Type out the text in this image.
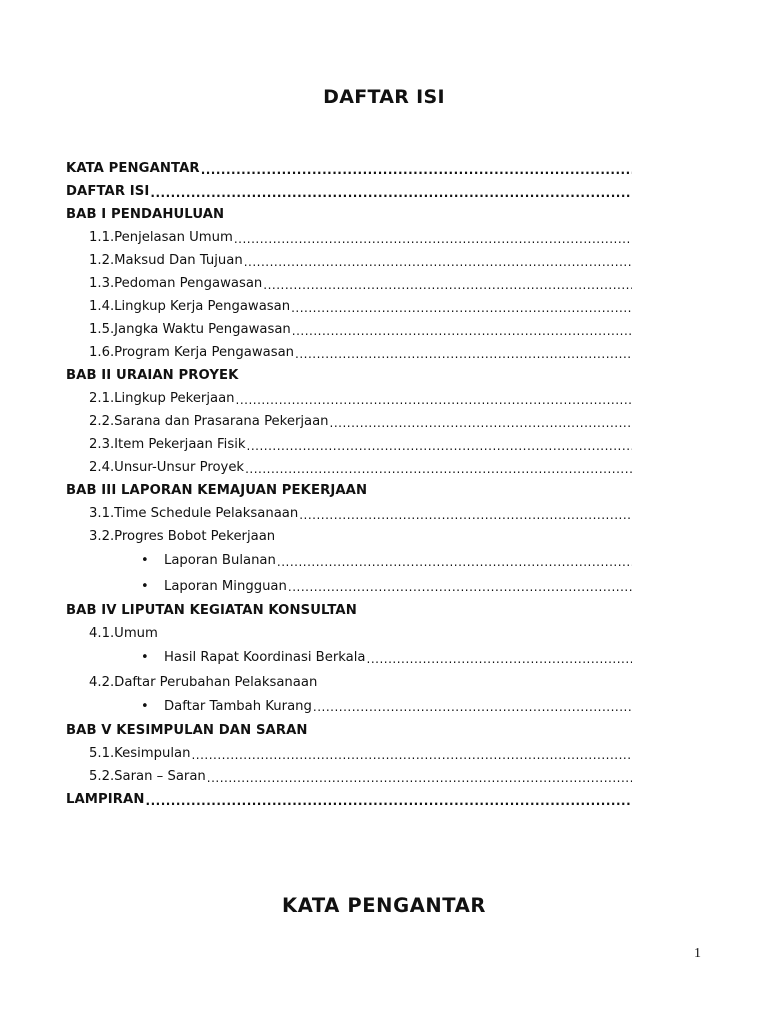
DAFTAR ISI
KATA PENGANTAR
.....
DAFTAR ISI
.....
BAB I PENDAHULUAN
1.1.Penjelasan Umum
.....
1.2.Maksud Dan Tujuan
.....
1.3.Pedoman Pengawasan
.....
1.4.Lingkup Kerja Pengawasan
.....
1.5.Jangka Waktu Pengawasan
.....
1.6.Program Kerja Pengawasan
.....
BAB II URAIAN PROYEK
2.1.Lingkup Pekerjaan
.....
2.2.Sarana dan Prasarana Pekerjaan
.....
2.3.Item Pekerjaan Fisik
.....
2.4.Unsur-Unsur Proyek
.....
BAB III LAPORAN KEMAJUAN PEKERJAAN
3.1.Time Schedule Pelaksanaan
.....
3.2.Progres Bobot Pekerjaan
• Laporan Bulanan
.....
• Laporan Mingguan
.....
BAB IV LIPUTAN KEGIATAN KONSULTAN
4.1.Umum
• Hasil Rapat Koordinasi Berkala
.....
4.2.Daftar Perubahan Pelaksanaan
• Daftar Tambah Kurang
.....
BAB V KESIMPULAN DAN SARAN
5.1.Kesimpulan
.....
5.2.Saran – Saran
.....
LAMPIRAN
.....
KATA PENGANTAR
1
